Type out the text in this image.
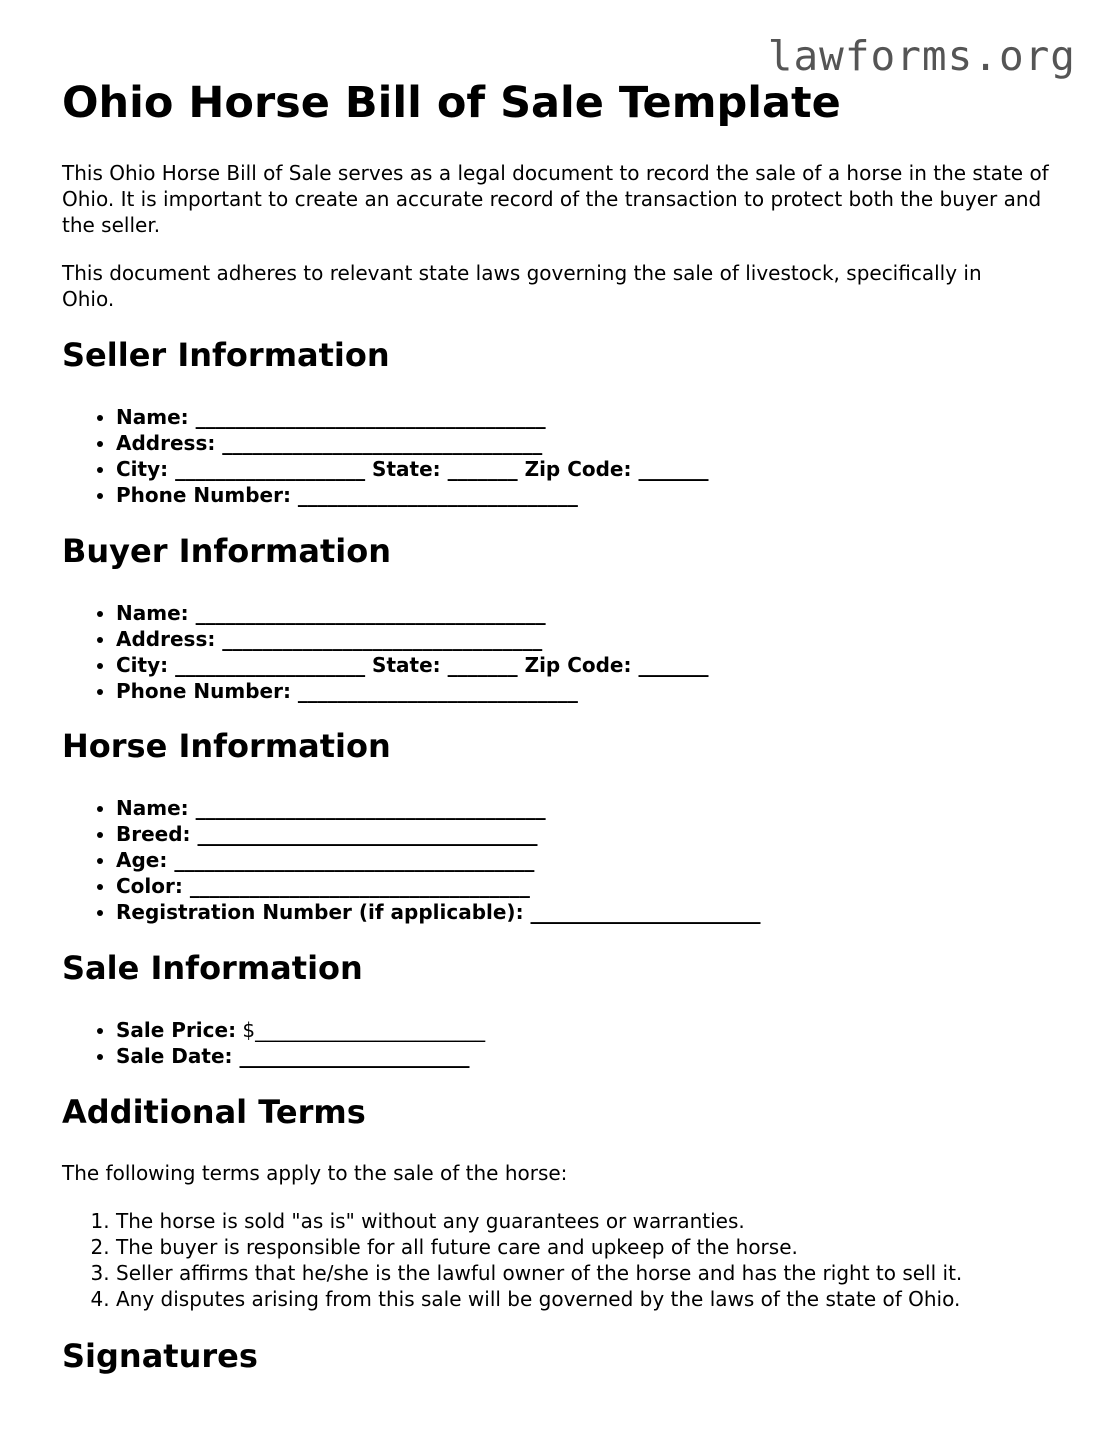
lawforms.org
Ohio Horse Bill of Sale Template

This Ohio Horse Bill of Sale serves as a legal document to record the sale of a horse in the state of Ohio. It is important to create an accurate record of the transaction to protect both the buyer and the seller.

This document adheres to relevant state laws governing the sale of livestock, specifically in Ohio.

Seller Information
• Name: ___________________________________
• Address: ________________________________
• City: ___________________ State: _______ Zip Code: _______
• Phone Number: ____________________________
Buyer Information
• Name: ___________________________________
• Address: ________________________________
• City: ___________________ State: _______ Zip Code: _______
• Phone Number: ____________________________
Horse Information
• Name: ___________________________________
• Breed: __________________________________
• Age: ____________________________________
• Color: __________________________________
• Registration Number (if applicable): _______________________
Sale Information
• Sale Price: $_______________________
• Sale Date: _______________________
Additional Terms

The following terms apply to the sale of the horse:

1. The horse is sold "as is" without any guarantees or warranties.
2. The buyer is responsible for all future care and upkeep of the horse.
3. Seller affirms that he/she is the lawful owner of the horse and has the right to sell it.
4. Any disputes arising from this sale will be governed by the laws of the state of Ohio.
Signatures
